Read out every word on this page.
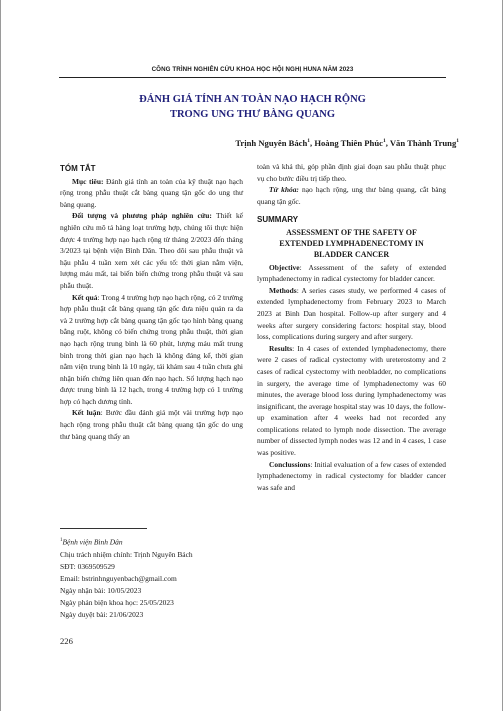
CÔNG TRÌNH NGHIÊN CỨU KHOA HỌC HỘI NGHỊ HUNA NĂM 2023
ĐÁNH GIÁ TÍNH AN TOÀN NẠO HẠCH RỘNG
TRONG UNG THƯ BÀNG QUANG
Trịnh Nguyên Bách$^1$, Hoàng Thiên Phúc$^1$, Văn Thành Trung$^1$
TÓM TẮT

Mục tiêu: Đánh giá tính an toàn của kỹ thuật nạo hạch rộng trong phẫu thuật cắt bàng quang tận gốc do ung thư bàng quang.

Đối tượng và phương pháp nghiên cứu: Thiết kế nghiên cứu mô tả hàng loạt trường hợp, chúng tôi thực hiện được 4 trường hợp nạo hạch rộng từ tháng 2/2023 đến tháng 3/2023 tại bệnh viện Bình Dân. Theo dõi sau phẫu thuật và hậu phẫu 4 tuần xem xét các yếu tố: thời gian nằm viện, lượng máu mất, tai biến biến chứng trong phẫu thuật và sau phẫu thuật.

Kết quả: Trong 4 trường hợp nạo hạch rộng, có 2 trường hợp phẫu thuật cắt bàng quang tận gốc đưa niệu quản ra da và 2 trường hợp cắt bàng quang tận gốc tạo hình bàng quang bằng ruột, không có biến chứng trong phẫu thuật, thời gian nạo hạch rộng trung bình là 60 phút, lượng máu mất trung bình trong thời gian nạo hạch là không đáng kể, thời gian nằm viện trung bình là 10 ngày, tái khám sau 4 tuần chưa ghi nhận biến chứng liên quan đến nạo hạch. Số lượng hạch nạo được trung bình là 12 hạch, trong 4 trường hợp có 1 trường hợp có hạch dương tính.

Kết luận: Bước đầu đánh giá một vài trường hợp nạo hạch rộng trong phẫu thuật cắt bàng quang tận gốc do ung thư bàng quang thấy an

toàn và khả thi, góp phần định giai đoạn sau phẫu thuật phục vụ cho bước điều trị tiếp theo.

Từ khóa: nạo hạch rộng, ung thư bàng quang, cắt bàng quang tận gốc.

SUMMARY
ASSESSMENT OF THE SAFETY OF
EXTENDED LYMPHADENECTOMY IN
BLADDER CANCER

Objective: Assessment of the safety of extended lymphadenectomy in radical cystectomy for bladder cancer.

Methods: A series cases study, we performed 4 cases of extended lymphadenectomy from February 2023 to March 2023 at Binh Dan hospital. Follow-up after surgery and 4 weeks after surgery considering factors: hospital stay, blood loss, complications during surgery and after surgery.

Results: In 4 cases of extended lymphadenectomy, there were 2 cases of radical cystectomy with ureterostomy and 2 cases of radical cystectomy with neobladder, no complications in surgery, the average time of lymphadenectomy was 60 minutes, the average blood loss during lymphadenectomy was insignificant, the average hospital stay was 10 days, the follow-up examination after 4 weeks had not recorded any complications related to lymph node dissection. The average number of dissected lymph nodes was 12 and in 4 cases, 1 case was positive.

Conclussions: Initial evaluation of a few cases of extended lymphadenectomy in radical cystectomy for bladder cancer was safe and

$^1$Bệnh viện Bình Dân
Chịu trách nhiệm chính: Trịnh Nguyên Bách
SĐT: 0369509529
Email: bstrinhnguyenbach@gmail.com
Ngày nhận bài: 10/05/2023
Ngày phản biện khoa học: 25/05/2023
Ngày duyệt bài: 21/06/2023
226
